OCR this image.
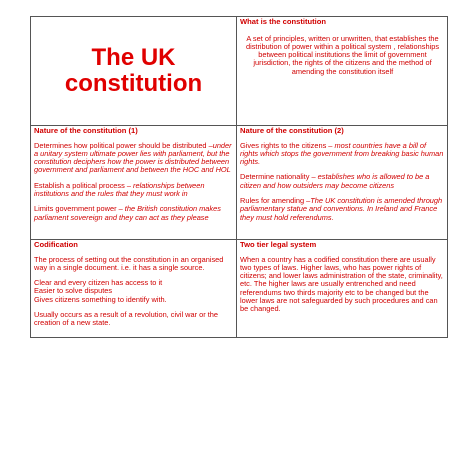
The UK
constitution
What is the constitution

A set of principles, written or unwritten, that establishes the distribution of power within a political system , relationships between political institutions the limit of government jurisdiction, the rights of the citizens and the method of amending the constitution itself

Nature of the constitution (1)

Determines how political power should be distributed –under a unitary system ultimate power lies with parliament, but the constitution deciphers how the power is distributed between government and parliament and between the HOC and HOL

Establish a political process – relationships between institutions and the rules that they must work in

Limits government power – the British constitution makes parliament sovereign and they can act as they please

Nature of the constitution (2)

Gives rights to the citizens – most countries have a bill of rights which stops the government from breaking basic human rights.

Determine nationality – establishes who is allowed to be a citizen and how outsiders may become citizens

Rules for amending –The UK constitution is amended through parliamentary statue and conventions. In Ireland and France they must hold referendums.

Codification

The process of setting out the constitution in an organised way in a single document. i.e. it has a single source.

Clear and every citizen has access to it
Easier to solve disputes
Gives citizens something to identify with.

Usually occurs as a result of a revolution, civil war or the creation of a new state.

Two tier legal system

When a country has a codified constitution there are usually two types of laws. Higher laws, who has power rights of citizens; and lower laws administration of the state, criminality, etc. The higher laws are usually entrenched and need referendums two thirds majority etc to be changed but the lower laws are not safeguarded by such procedures and can be changed.
